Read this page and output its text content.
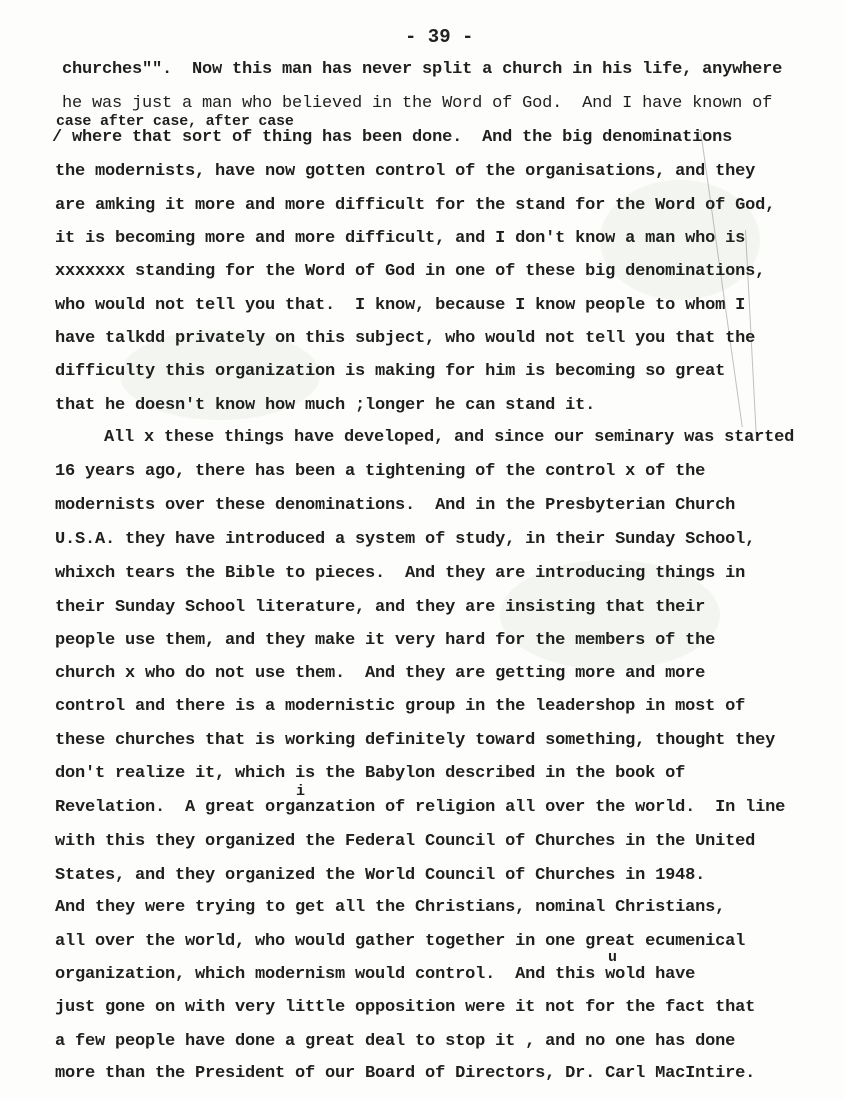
- 39 -
churches"".  Now this man has never split a church in his life, anywhere
he was just a man who believed in the Word of God.  And I have known of
case after case, after case
/ where that sort of thing has been done.  And the big denominations
the modernists, have now gotten control of the organisations, and they
are amking it more and more difficult for the stand for the Word of God,
it is becoming more and more difficult, and I don't know a man who is
xxxxxxx standing for the Word of God in one of these big denominations,
who would not tell you that.  I know, because I know people to whom I
have talkdd privately on this subject, who would not tell you that the
difficulty this organization is making for him is becoming so great
that he doesn't know how much ;longer he can stand it.
All x these things have developed, and since our seminary was started
16 years ago, there has been a tightening of the control x of the
modernists over these denominations.  And in the Presbyterian Church
U.S.A. they have introduced a system of study, in their Sunday School,
whixch tears the Bible to pieces.  And they are introducing things in
their Sunday School literature, and they are insisting that their
people use them, and they make it very hard for the members of the
church x who do not use them.  And they are getting more and more
control and there is a modernistic group in the leadershop in most of
these churches that is working definitely toward something, thought they
don't realize it, which is the Babylon described in the book of
i
Revelation.  A great organzation of religion all over the world.  In line
with this they organized the Federal Council of Churches in the United
States, and they organized the World Council of Churches in 1948.
And they were trying to get all the Christians, nominal Christians,
all over the world, who would gather together in one great ecumenical
u
organization, which modernism would control.  And this wold have
just gone on with very little opposition were it not for the fact that
a few people have done a great deal to stop it , and no one has done
more than the President of our Board of Directors, Dr. Carl MacIntire.
